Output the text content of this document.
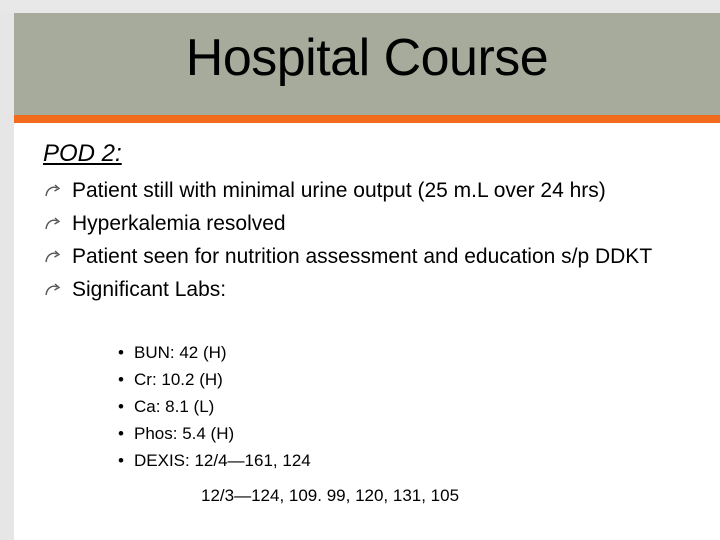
Hospital Course
POD 2:
Patient still with minimal urine output (25 m.L over 24 hrs)
Hyperkalemia resolved
Patient seen for nutrition assessment and education s/p DDKT
Significant Labs:
• BUN: 42 (H)
• Cr: 10.2 (H)
• Ca: 8.1 (L)
• Phos: 5.4 (H)
• DEXIS: 12/4—161, 124
12/3—124, 109. 99, 120, 131, 105
